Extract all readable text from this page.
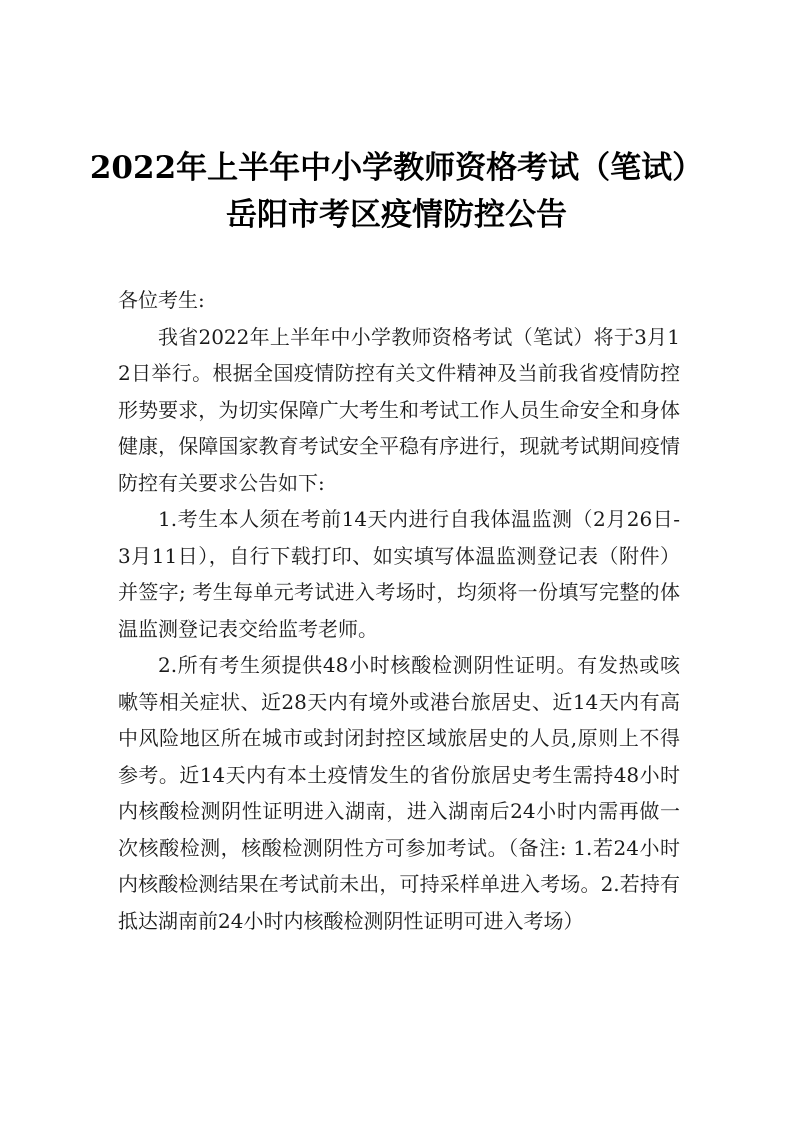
2022年上半年中小学教师资格考试（笔试）
岳阳市考区疫情防控公告

各位考生:

我省2022年上半年中小学教师资格考试（笔试）将于3月12日举行。根据全国疫情防控有关文件精神及当前我省疫情防控形势要求，为切实保障广大考生和考试工作人员生命安全和身体健康，保障国家教育考试安全平稳有序进行，现就考试期间疫情防控有关要求公告如下:

1.考生本人须在考前14天内进行自我体温监测（2月26日-3月11日），自行下载打印、如实填写体温监测登记表（附件）并签字; 考生每单元考试进入考场时，均须将一份填写完整的体温监测登记表交给监考老师。

2.所有考生须提供48小时核酸检测阴性证明。有发热或咳嗽等相关症状、近28天内有境外或港台旅居史、近14天内有高中风险地区所在城市或封闭封控区域旅居史的人员,原则上不得参考。近14天内有本土疫情发生的省份旅居史考生需持48小时内核酸检测阴性证明进入湖南，进入湖南后24小时内需再做一次核酸检测，核酸检测阴性方可参加考试。（备注: 1.若24小时内核酸检测结果在考试前未出，可持采样单进入考场。2.若持有抵达湖南前24小时内核酸检测阴性证明可进入考场）
